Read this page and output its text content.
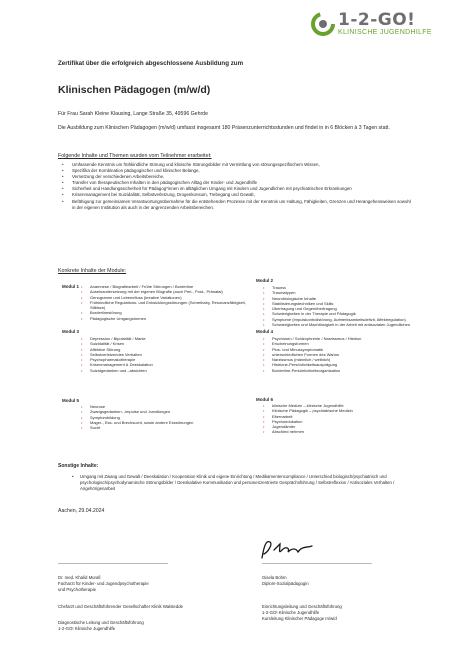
1-2-GO!
KLINISCHE JUGENDHILFE
Zertifikat über die erfolgreich abgeschlossene Ausbildung zum
Klinischen Pädagogen (m/w/d)
Für Frau Sarah Kleine Klausing, Lange Straße 35, 49596 Gehrde
Die Ausbildung zum Klinischen Pädagogen (m/w/d) umfasst insgesamt 180 Präsenzunterrichtsstunden und findet in in 6 Blöcken à 3 Tagen statt.
Folgende Inhalte und Themen wurden vom Teilnehmer erarbeitet:
• Umfassende Kenntnis um frühkindliche Störung und klinische Störungsbilder mit Vermittlung von störungsspezifischem Wissen,
• Spezifika der Kombination pädagogischer und klinischer Belange,
• Vernetzung der verschiedenen Arbeitsbereiche,
• Transfer von therapeutischen Inhalten in den pädagogischen Alltag der Kinder- und Jugendhilfe
• Sicherheit und Handlungssicherheit für Pädagog*innen im alltäglichen Umgang mit Kindern und Jugendlichen mit psychiatrischen Erkrankungen
• Krisenmanagement bei Suizidalität, Selbstverletzung, Drogenkonsum, Trebegang und Gewalt,
• Befähigung zur gemeinsamen Verantwortungsübernahme für die entstehenden Prozesse mit der Kenntnis um Haltung, Fähigkeiten, Grenzen und Herangehensweisen sowohl in der eigenen Institution als auch in der angrenzenden Arbeitsbereichen.
Konkrete Inhalte der Module:
Modul 1
•	Anamnese / Biografiearbeit / Frühe Störungen / Borderline
• Auseinandersetzung mit der eigenen Biografie (auch Peri-, Post-, Pränatal)
• Genogramm und Lebenefluss (kreative Variationen)
• Frühkindliche Regulations- und Entwicklungsstörungen (Schreibaby, Resonanzfähigkeit, Stillface)
• Borderlinestörung
• Pädagogische Umgangsformen
Modul 2
• Trauma
• Traumatypen
• Neurobiologische Inhalte
• Stabilisierungstechniken und Skills
• Übertragung und Gegenübertragung
• Schwierigkeiten in der Therapie und Pädagogik
• Symptome (Impulskontrollstörung, Aufmerksamkeitsdefizit, Affektregulation)
• Schwierigkeiten und Machtlosigkeit in der Arbeit mit antisozialen Jugendlichen
Modul 3
• Depression / Bipolarität / Manie
• Suizidalität / Krisen
• Affektive Störung
• Selbstverletzendes Verhalten
• Psychopharmakotherapie
• Krisenmanagement & Deeskalation
• Suizidgedanken und –absichten
Modul 4
• Psychosen / Schizophrenie / Narzissmus / Histrion
• Erscheinungsformen
• Plus- und Minussymptomatik
• unterschiedlichen Formen des Wahns
• Narzissmus (männlich / weiblich)
• Histrione-Persönlichkeitsausprägung
• Borderline-Persönlichkeitsorganisation
Modul 5
• Neurose
• Zwangsgedanken, -impulse und -handlungen
• Symptombildung
• Mager-, Ess- und Brechsucht, sowie andere Essstörungen
• Sucht
Modul 6
• klinische Medizin – klinische Jugendhilfe
• Klinische Pädagogik – psychiatrische Medizin
• Elternarbeit
• Psychoedukation
• Jugendämter
• Abschied nehmen
Sonstige Inhalte:
• Umgang mit Zwang und Gewalt / Deeskalation / Kooperation Klinik und eigene Einrichtung / Medikamentencompliance / Unterschied biologisch/psychiatrisch und psychologisch/psychodynamische Störungsbilder / Deeskalative Kommunikation und personenzentrierte Gesprächsführung / Selbstreflexion / Antisoziales Verhalten / Angehörigenarbeit
Aachen, 29.04.2024
Dr. med. Khalid Murafi
Facharzt für Kinder- und Jugendpsychotherapie
und Psychotherapie
Chefarzt und Geschäftsführender Gesellschafter Klinik Walstedde
Diagnostische Leitung und Geschäftsführung
1-2-GO! Klinische Jugendhilfe
Gisela Bohm
Diplom-Sozialpädagogin
Einrichtungsleitung und Geschäftsführung
1-2-GO! Klinische Jugendhilfe
Kursleitung Klinischer Pädagoge m/w/d
